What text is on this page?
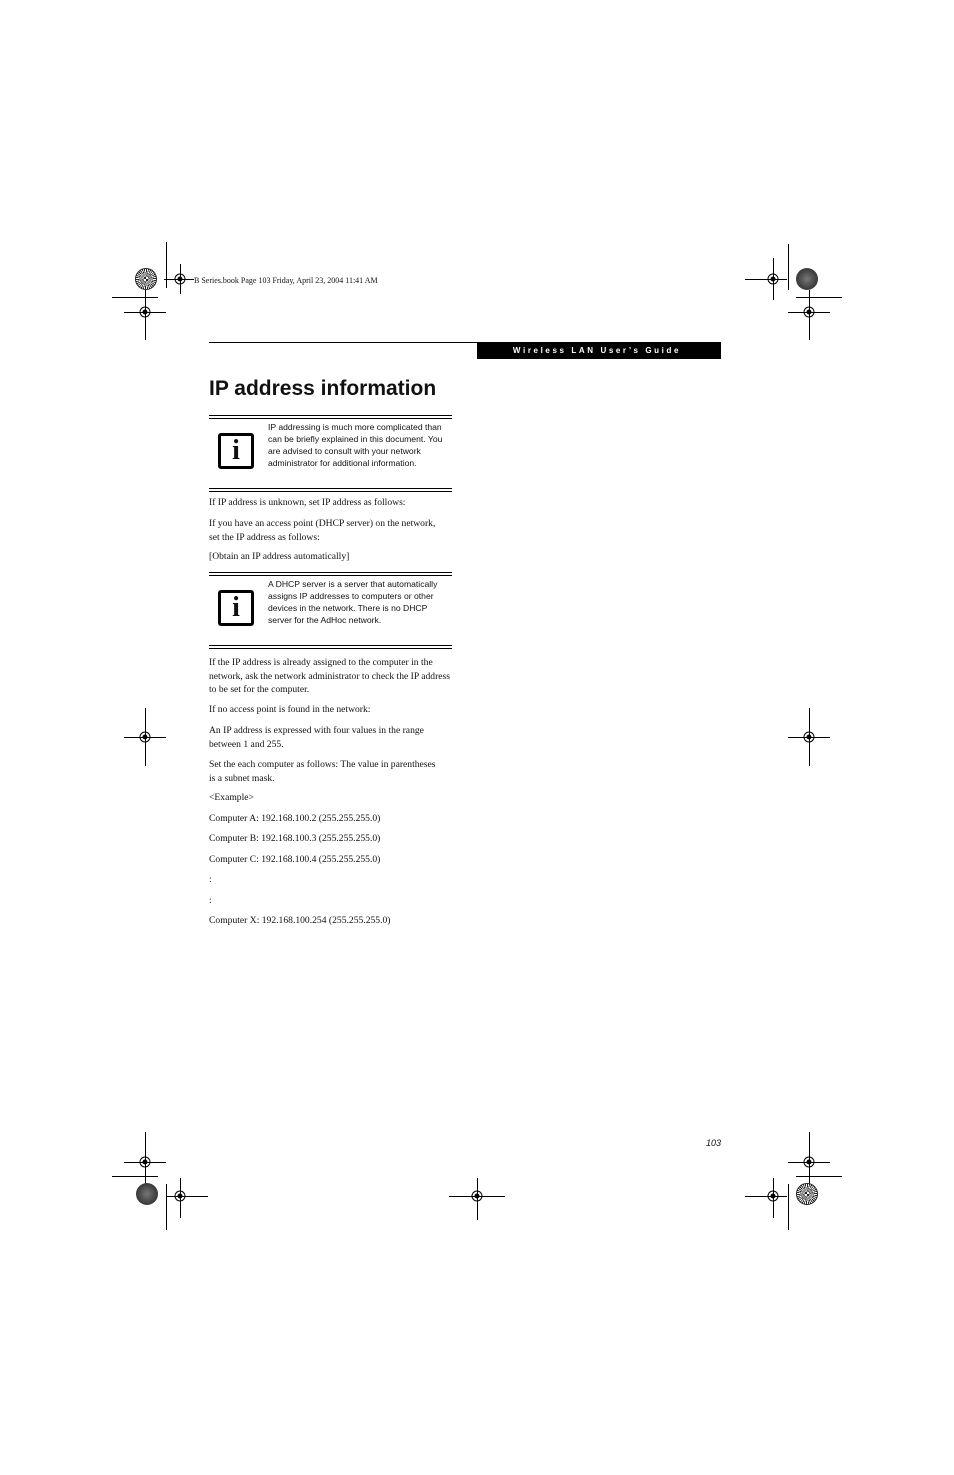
B Series.book Page 103 Friday, April 23, 2004 11:41 AM
Wireless LAN User’s Guide
IP address information
i
IP addressing is much more complicated than can be briefly explained in this document. You are advised to consult with your network administrator for additional information.
If IP address is unknown, set IP address as follows:
If you have an access point (DHCP server) on the network, set the IP address as follows:
[Obtain an IP address automatically]
i
A DHCP server is a server that automatically assigns IP addresses to computers or other devices in the network. There is no DHCP server for the AdHoc network.
If the IP address is already assigned to the computer in the network, ask the network administrator to check the IP address to be set for the computer.
If no access point is found in the network:
An IP address is expressed with four values in the range between 1 and 255.
Set the each computer as follows: The value in parentheses is a subnet mask.
<Example>
Computer A: 192.168.100.2 (255.255.255.0)
Computer B: 192.168.100.3 (255.255.255.0)
Computer C: 192.168.100.4 (255.255.255.0)
:
:
Computer X: 192.168.100.254 (255.255.255.0)
103
